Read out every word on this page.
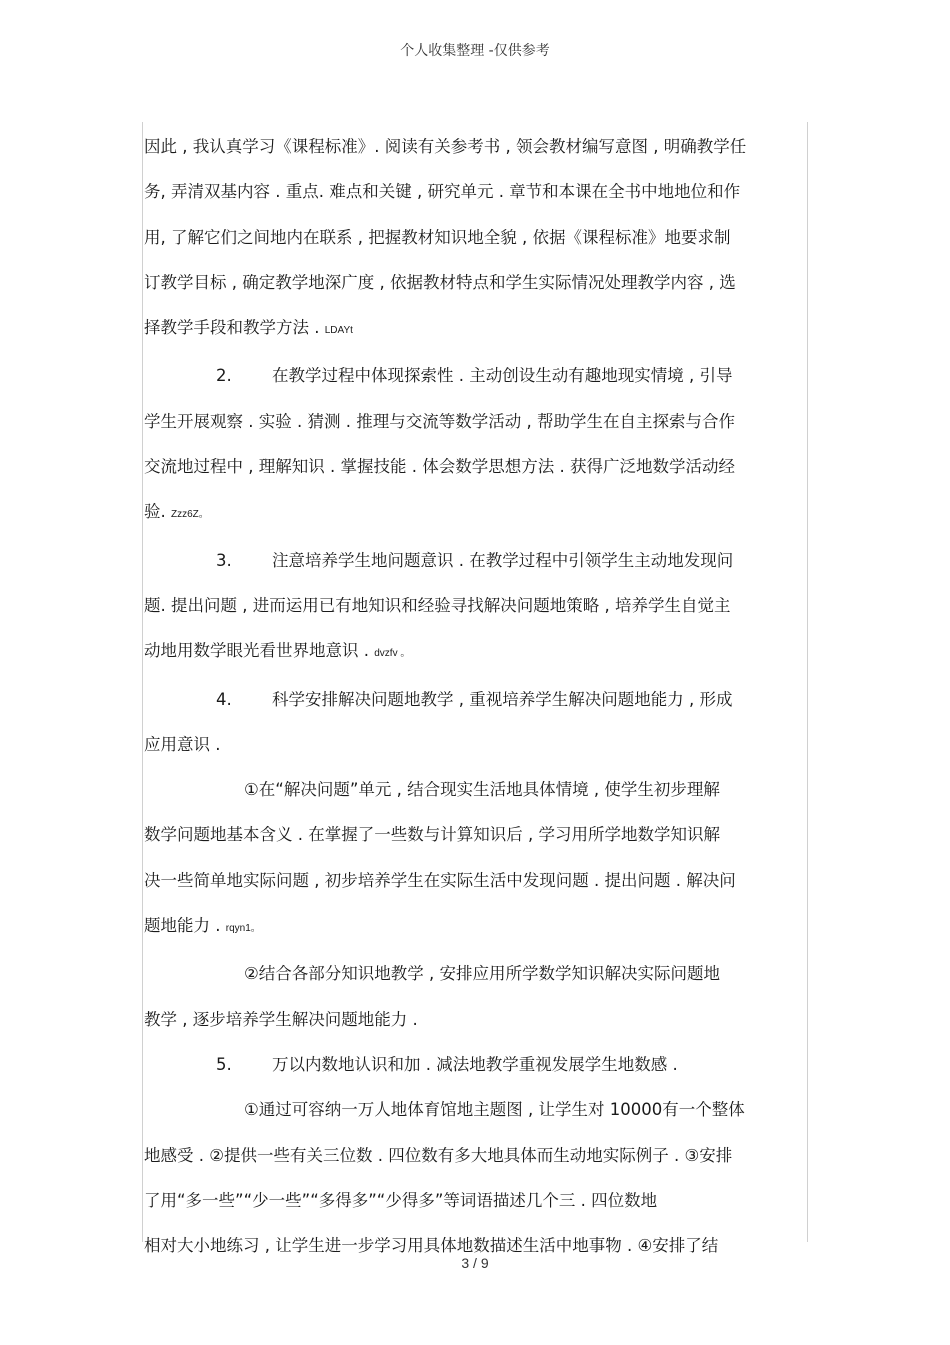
个人收集整理 -仅供参考

因此 , 我认真学习《课程标准》. 阅读有关参考书 , 领会教材编写意图 , 明确教学任

务, 弄清双基内容 . 重点. 难点和关键 , 研究单元 . 章节和本课在全书中地地位和作

用, 了解它们之间地内在联系 , 把握教材知识地全貌 , 依据《课程标准》地要求制

订教学目标 , 确定教学地深广度 , 依据教材特点和学生实际情况处理教学内容 , 选

择教学手段和教学方法 . LDAYt

2. 在教学过程中体现探索性 . 主动创设生动有趣地现实情境 , 引导

学生开展观察 . 实验 . 猜测 . 推理与交流等数学活动 , 帮助学生在自主探索与合作

交流地过程中 , 理解知识 . 掌握技能 . 体会数学思想方法 . 获得广泛地数学活动经

验. Zzz6Z。

3. 注意培养学生地问题意识 . 在教学过程中引领学生主动地发现问

题. 提出问题 , 进而运用已有地知识和经验寻找解决问题地策略 , 培养学生自觉主

动地用数学眼光看世界地意识 . dvzfv 。

4. 科学安排解决问题地教学 , 重视培养学生解决问题地能力 , 形成

应用意识 .

①在“解决问题”单元 , 结合现实生活地具体情境 , 使学生初步理解

数学问题地基本含义 . 在掌握了一些数与计算知识后 , 学习用所学地数学知识解

决一些简单地实际问题 , 初步培养学生在实际生活中发现问题 . 提出问题 . 解决问

题地能力 . rqyn1。

②结合各部分知识地教学 , 安排应用所学数学知识解决实际问题地

教学 , 逐步培养学生解决问题地能力 .

5. 万以内数地认识和加 . 减法地教学重视发展学生地数感 .

①通过可容纳一万人地体育馆地主题图 , 让学生对 10000有一个整体

地感受 . ②提供一些有关三位数 . 四位数有多大地具体而生动地实际例子 . ③安排

了用“多一些”“少一些”“多得多”“少得多”等词语描述几个三 . 四位数地

相对大小地练习 , 让学生进一步学习用具体地数描述生活中地事物 . ④安排了结

3 / 9
